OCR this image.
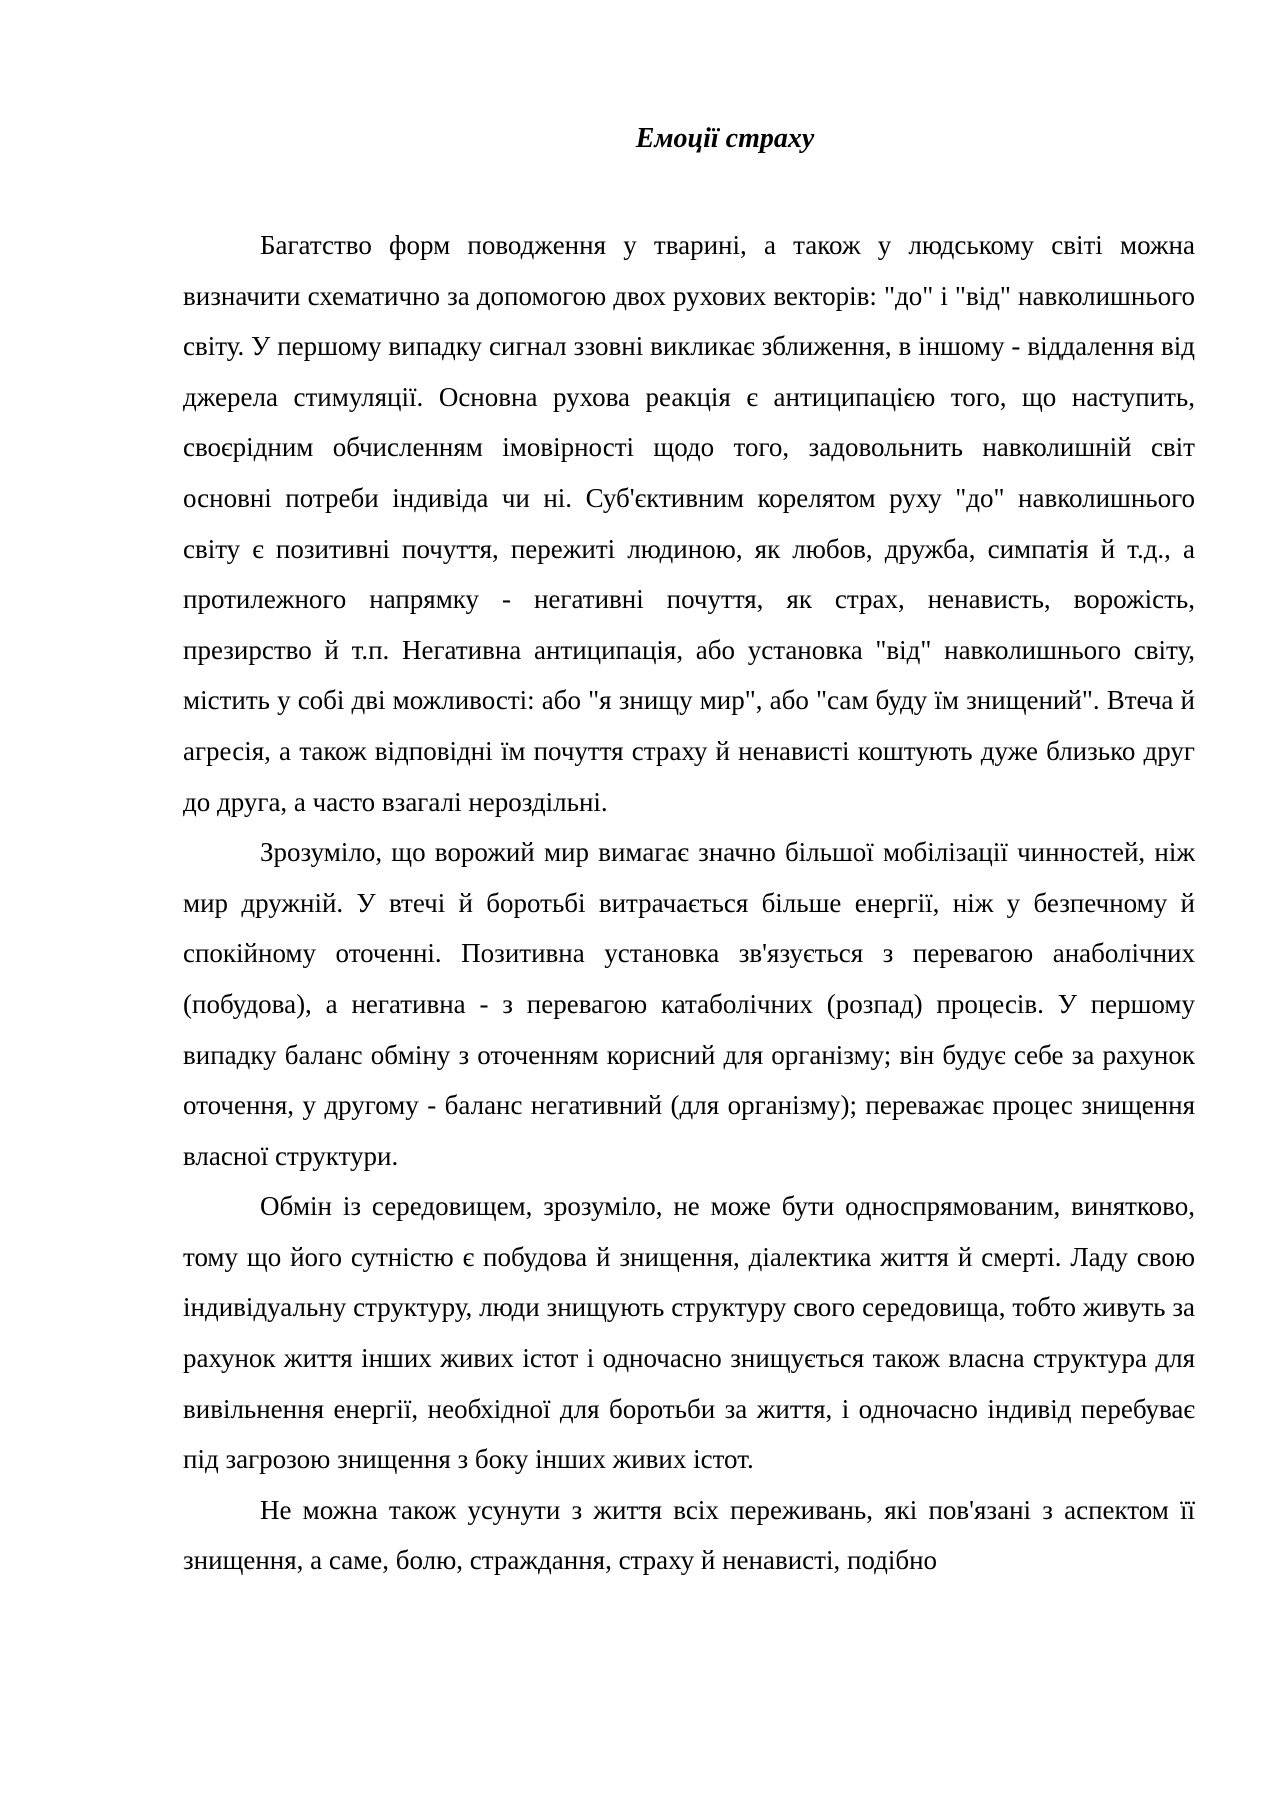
Емоції страху

Багатство форм поводження у тварині, а також у людському світі можна визначити схематично за допомогою двох рухових векторів: "до" і "від" навколишнього світу. У першому випадку сигнал ззовні викликає зближення, в іншому - віддалення від джерела стимуляції. Основна рухова реакція є антиципацією того, що наступить, своєрідним обчисленням імовірності щодо того, задовольнить навколишній світ основні потреби індивіда чи ні. Суб'єктивним корелятом руху "до" навколишнього світу є позитивні почуття, пережиті людиною, як любов, дружба, симпатія й т.д., а протилежного напрямку - негативні почуття, як страх, ненависть, ворожість, презирство й т.п. Негативна антиципація, або установка "від" навколишнього світу, містить у собі дві можливості: або "я знищу мир", або "сам буду їм знищений". Втеча й агресія, а також відповідні їм почуття страху й ненависті коштують дуже близько друг до друга, а часто взагалі нероздільні.

Зрозуміло, що ворожий мир вимагає значно більшої мобілізації чинностей, ніж мир дружній. У втечі й боротьбі витрачається більше енергії, ніж у безпечному й спокійному оточенні. Позитивна установка зв'язується з перевагою анаболічних (побудова), а негативна - з перевагою катаболічних (розпад) процесів. У першому випадку баланс обміну з оточенням корисний для організму; він будує себе за рахунок оточення, у другому - баланс негативний (для організму); переважає процес знищення власної структури.

Обмін із середовищем, зрозуміло, не може бути односпрямованим, винятково, тому що його сутністю є побудова й знищення, діалектика життя й смерті. Ладу свою індивідуальну структуру, люди знищують структуру свого середовища, тобто живуть за рахунок життя інших живих істот і одночасно знищується також власна структура для вивільнення енергії, необхідної для боротьби за життя, і одночасно індивід перебуває під загрозою знищення з боку інших живих істот.

Не можна також усунути з життя всіх переживань, які пов'язані з аспектом її знищення, а саме, болю, страждання, страху й ненависті, подібно
